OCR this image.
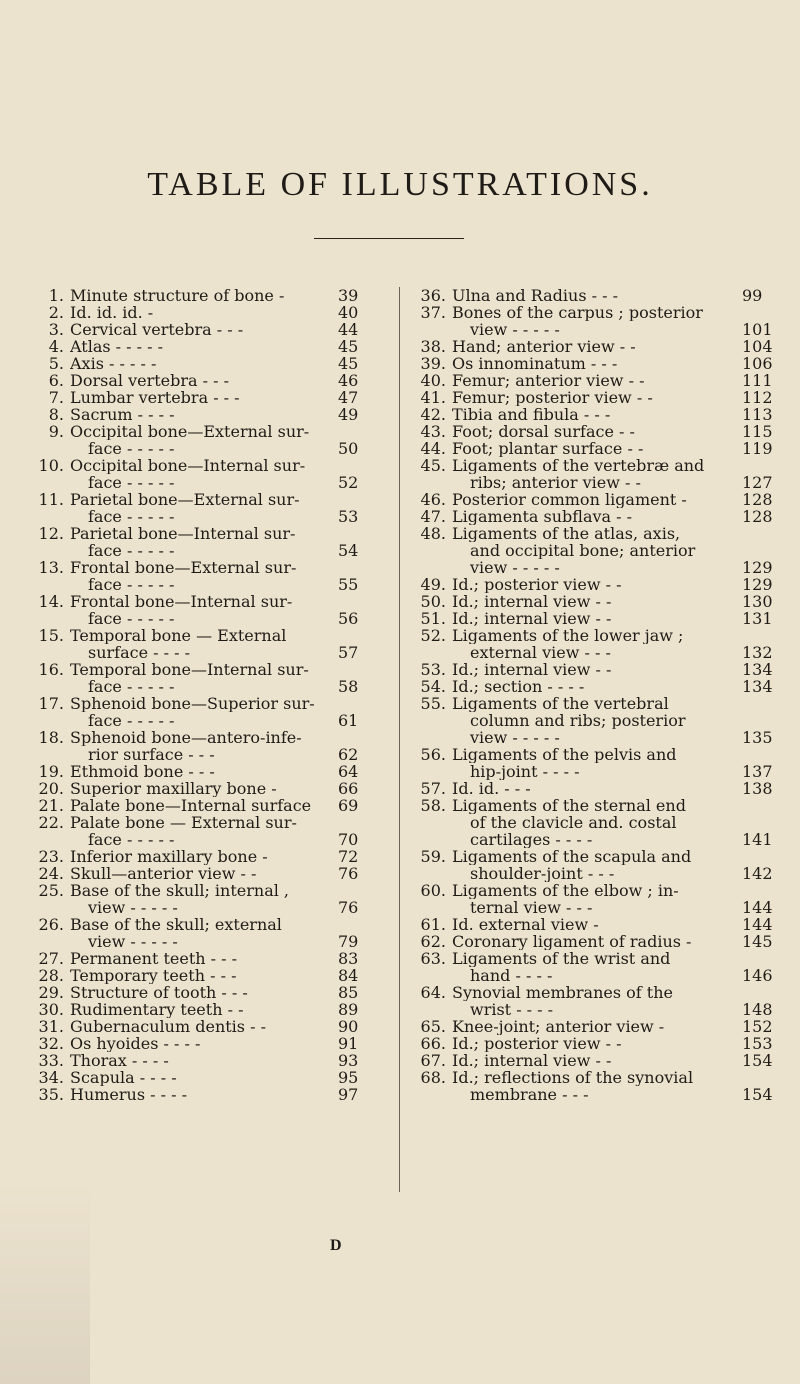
TABLE OF ILLUSTRATIONS.
1. Minute structure of bone -	39
2. Id. id. id. -	40
3. Cervical vertebra - - -	44
4. Atlas - - - - -	45
5. Axis - - - - -	45
6. Dorsal vertebra - - -	46
7. Lumbar vertebra - - -	47
8. Sacrum - - - -	49
9. Occipital bone—External sur-
face - - - - -	50
10. Occipital bone—Internal sur-
face - - - - -	52
11. Parietal bone—External sur-
face - - - - -	53
12. Parietal bone—Internal sur-
face - - - - -	54
13. Frontal bone—External sur-
face - - - - -	55
14. Frontal bone—Internal sur-
face - - - - -	56
15. Temporal bone — External
surface - - - -	57
16. Temporal bone—Internal sur-
face - - - - -	58
17. Sphenoid bone—Superior sur-
face - - - - -	61
18. Sphenoid bone—antero-infe-
rior surface - - -	62
19. Ethmoid bone - - -	64
20. Superior maxillary bone -	66
21. Palate bone—Internal surface	69
22. Palate bone — External sur-
face - - - - -	70
23. Inferior maxillary bone -	72
24. Skull—anterior view - -	76
25. Base of the skull; internal ,
view - - - - -	76
26. Base of the skull; external
view - - - - -	79
27. Permanent teeth - - -	83
28. Temporary teeth - - -	84
29. Structure of tooth - - -	85
30. Rudimentary teeth - -	89
31. Gubernaculum dentis - -	90
32. Os hyoides - - - -	91
33. Thorax - - - -	93
34. Scapula - - - -	95
35. Humerus - - - -	97
36. Ulna and Radius - - -	99
37. Bones of the carpus ; posterior
view - - - - -	101
38. Hand; anterior view - -	104
39. Os innominatum - - -	106
40. Femur; anterior view - -	111
41. Femur; posterior view - -	112
42. Tibia and fibula - - -	113
43. Foot; dorsal surface - -	115
44. Foot; plantar surface - -	119
45. Ligaments of the vertebræ and
ribs; anterior view - -	127
46. Posterior common ligament -	128
47. Ligamenta subflava - -	128
48. Ligaments of the atlas, axis,
and occipital bone; anterior
view - - - - -	129
49. Id.; posterior view - -	129
50. Id.; internal view - -	130
51. Id.; internal view - -	131
52. Ligaments of the lower jaw ;
external view - - -	132
53. Id.; internal view - -	134
54. Id.; section - - - -	134
55. Ligaments of the vertebral
column and ribs; posterior
view - - - - -	135
56. Ligaments of the pelvis and
hip-joint - - - -	137
57. Id. id. - - -	138
58. Ligaments of the sternal end
of the clavicle and. costal
cartilages - - - -	141
59. Ligaments of the scapula and
shoulder-joint - - -	142
60. Ligaments of the elbow ; in-
ternal view - - -	144
61. Id. external view -	144
62. Coronary ligament of radius -	145
63. Ligaments of the wrist and
hand - - - -	146
64. Synovial membranes of the
wrist - - - -	148
65. Knee-joint; anterior view -	152
66. Id.; posterior view - -	153
67. Id.; internal view - -	154
68. Id.; reflections of the synovial
membrane - - -	154
D
